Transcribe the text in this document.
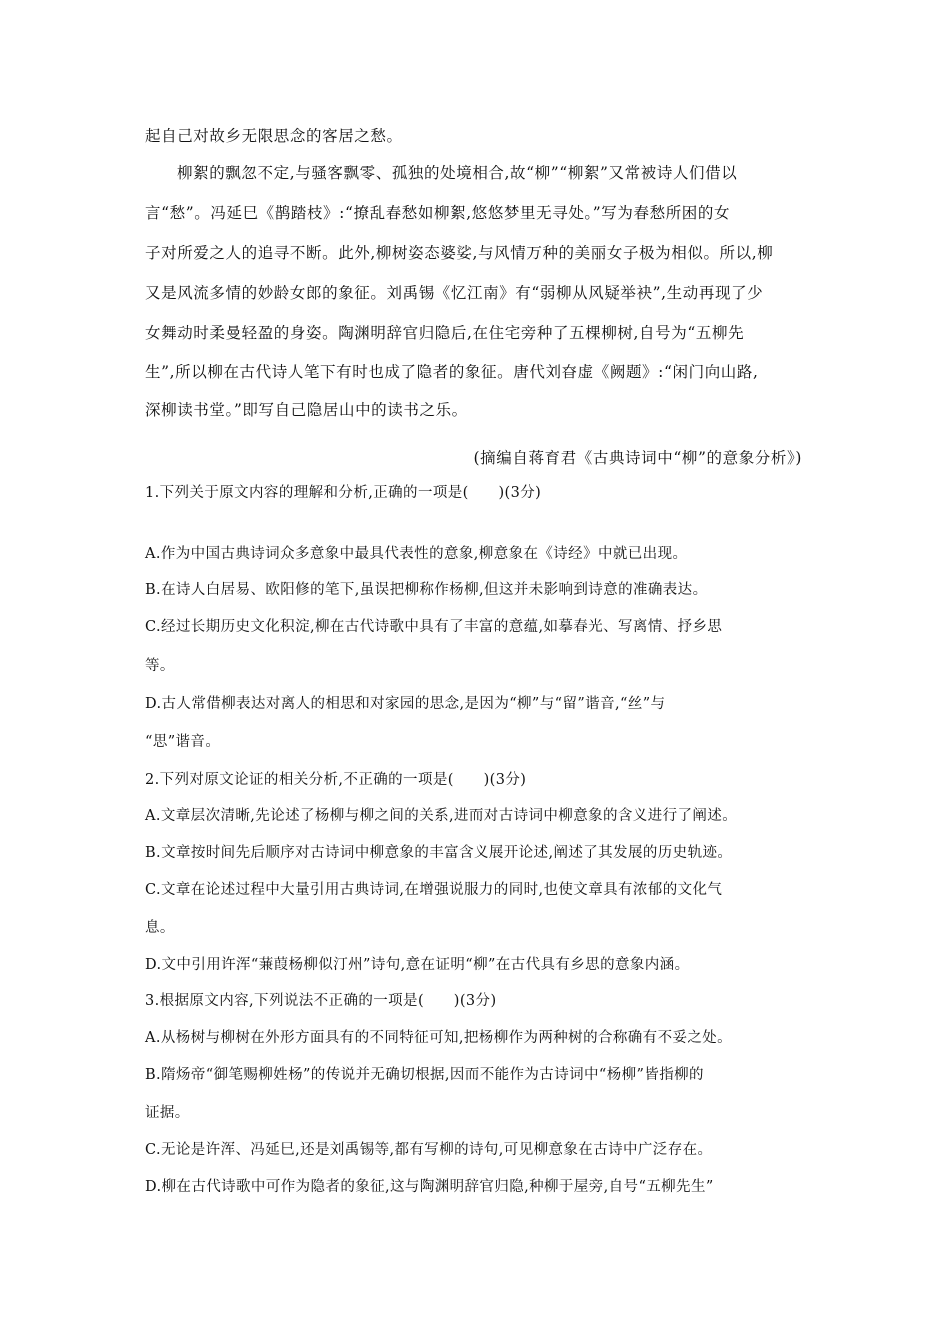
起自己对故乡无限思念的客居之愁。
柳絮的飘忽不定,与骚客飘零、孤独的处境相合,故“柳”“柳絮”又常被诗人们借以
言“愁”。冯延巳《鹊踏枝》:“撩乱春愁如柳絮,悠悠梦里无寻处。”写为春愁所困的女
子对所爱之人的追寻不断。此外,柳树姿态婆娑,与风情万种的美丽女子极为相似。所以,柳
又是风流多情的妙龄女郎的象征。刘禹锡《忆江南》有“弱柳从风疑举袂”,生动再现了少
女舞动时柔曼轻盈的身姿。陶渊明辞官归隐后,在住宅旁种了五棵柳树,自号为“五柳先
生”,所以柳在古代诗人笔下有时也成了隐者的象征。唐代刘昚虚《阙题》:“闲门向山路,
深柳读书堂。”即写自己隐居山中的读书之乐。
(摘编自蒋育君《古典诗词中“柳”的意象分析》)
1.下列关于原文内容的理解和分析,正确的一项是(　　)(3分)
A.作为中国古典诗词众多意象中最具代表性的意象,柳意象在《诗经》中就已出现。
B.在诗人白居易、欧阳修的笔下,虽误把柳称作杨柳,但这并未影响到诗意的准确表达。
C.经过长期历史文化积淀,柳在古代诗歌中具有了丰富的意蕴,如摹春光、写离情、抒乡思
等。
D.古人常借柳表达对离人的相思和对家园的思念,是因为“柳”与“留”谐音,“丝”与
“思”谐音。
2.下列对原文论证的相关分析,不正确的一项是(　　)(3分)
A.文章层次清晰,先论述了杨柳与柳之间的关系,进而对古诗词中柳意象的含义进行了阐述。
B.文章按时间先后顺序对古诗词中柳意象的丰富含义展开论述,阐述了其发展的历史轨迹。
C.文章在论述过程中大量引用古典诗词,在增强说服力的同时,也使文章具有浓郁的文化气
息。
D.文中引用许浑“蒹葭杨柳似汀州”诗句,意在证明“柳”在古代具有乡思的意象内涵。
3.根据原文内容,下列说法不正确的一项是(　　)(3分)
A.从杨树与柳树在外形方面具有的不同特征可知,把杨柳作为两种树的合称确有不妥之处。
B.隋炀帝“御笔赐柳姓杨”的传说并无确切根据,因而不能作为古诗词中“杨柳”皆指柳的
证据。
C.无论是许浑、冯延巳,还是刘禹锡等,都有写柳的诗句,可见柳意象在古诗中广泛存在。
D.柳在古代诗歌中可作为隐者的象征,这与陶渊明辞官归隐,种柳于屋旁,自号“五柳先生”
